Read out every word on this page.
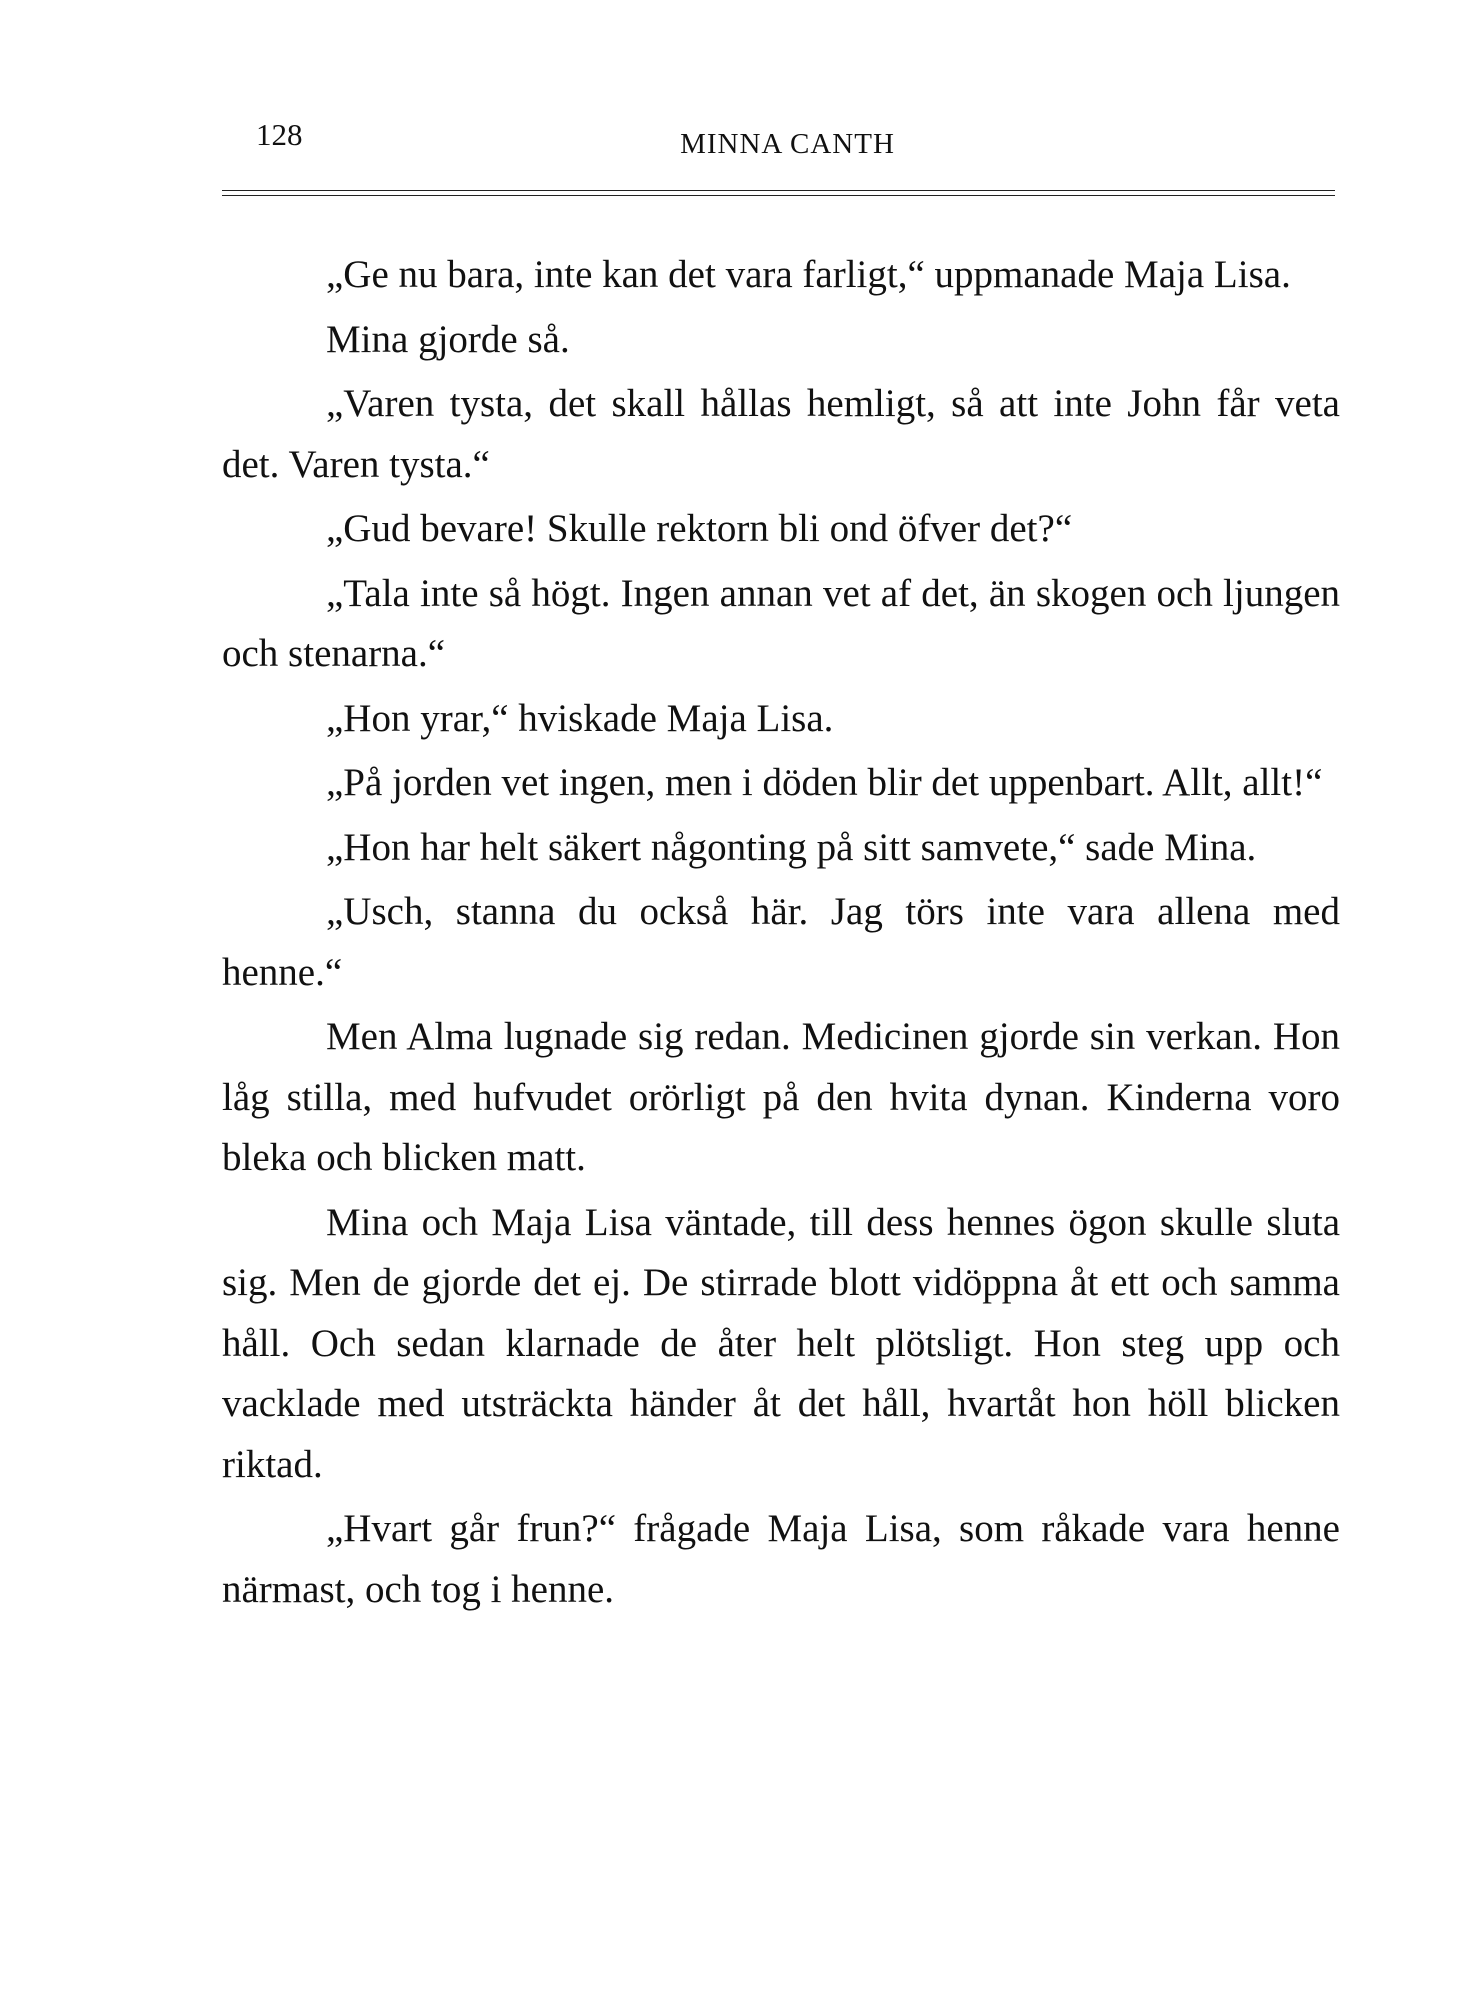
128	MINNA CANTH

„Ge nu bara, inte kan det vara farligt,“ uppmanade Maja Lisa.

Mina gjorde så.

„Varen tysta, det skall hållas hemligt, så att inte John får veta det. Varen tysta.“

„Gud bevare! Skulle rektorn bli ond öfver det?“

„Tala inte så högt. Ingen annan vet af det, än skogen och ljungen och stenarna.“

„Hon yrar,“ hviskade Maja Lisa.

„På jorden vet ingen, men i döden blir det uppenbart. Allt, allt!“

„Hon har helt säkert någonting på sitt samvete,“ sade Mina.

„Usch, stanna du också här. Jag törs inte vara allena med henne.“

Men Alma lugnade sig redan. Medicinen gjorde sin verkan. Hon låg stilla, med hufvudet orörligt på den hvita dynan. Kinderna voro bleka och blicken matt.

Mina och Maja Lisa väntade, till dess hennes ögon skulle sluta sig. Men de gjorde det ej. De stirrade blott vidöppna åt ett och samma håll. Och sedan klarnade de åter helt plötsligt. Hon steg upp och vacklade med utsträckta händer åt det håll, hvartåt hon höll blicken riktad.

„Hvart går frun?“ frågade Maja Lisa, som råkade vara henne närmast, och tog i henne.
